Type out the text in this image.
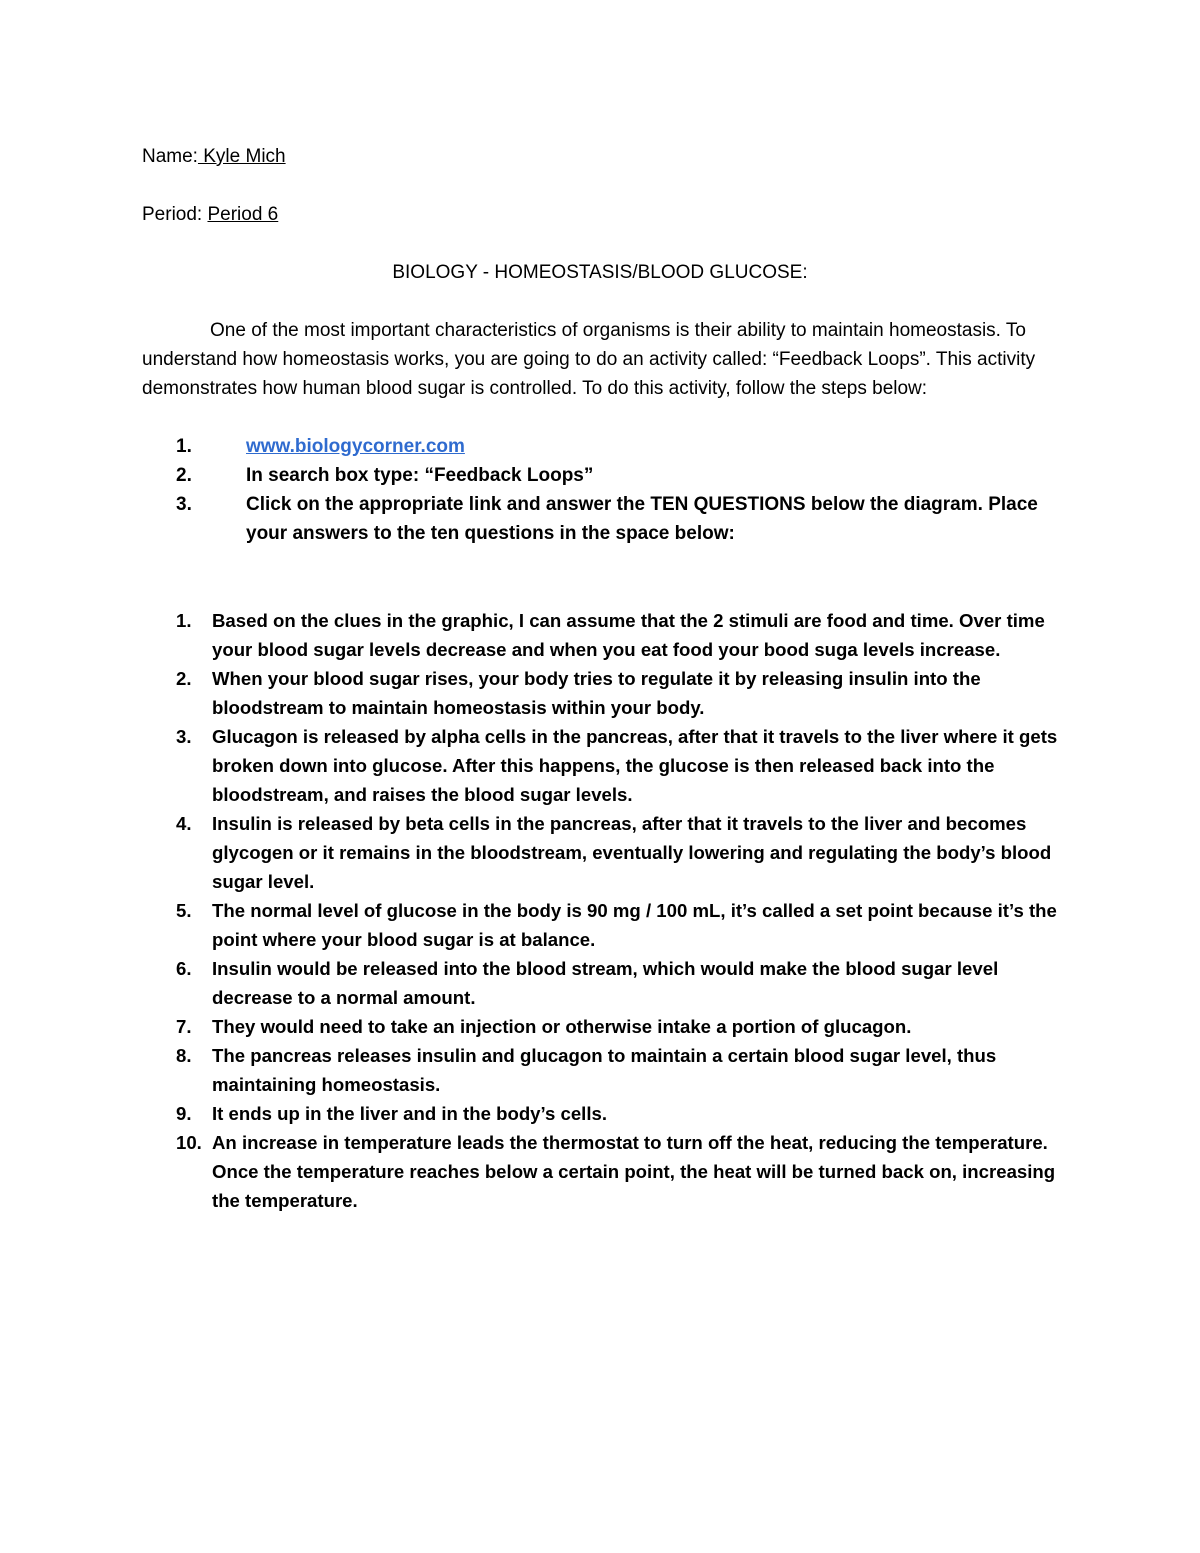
Name: Kyle Mich
Period: Period 6
BIOLOGY - HOMEOSTASIS/BLOOD GLUCOSE:

One of the most important characteristics of organisms is their ability to maintain homeostasis. To understand how homeostasis works, you are going to do an activity called: “Feedback Loops”. This activity demonstrates how human blood sugar is controlled. To do this activity, follow the steps below:

1.	www.biologycorner.com
2.	In search box type: “Feedback Loops”
3.	Click on the appropriate link and answer the TEN QUESTIONS below the diagram. Place your answers to the ten questions in the space below:
1.	Based on the clues in the graphic, I can assume that the 2 stimuli are food and time. Over time your blood sugar levels decrease and when you eat food your bood suga levels increase.
2.	When your blood sugar rises, your body tries to regulate it by releasing insulin into the bloodstream to maintain homeostasis within your body.
3.	Glucagon is released by alpha cells in the pancreas, after that it travels to the liver where it gets broken down into glucose. After this happens, the glucose is then released back into the bloodstream, and raises the blood sugar levels.
4.	Insulin is released by beta cells in the pancreas, after that it travels to the liver and becomes glycogen or it remains in the bloodstream, eventually lowering and regulating the body’s blood sugar level.
5.	The normal level of glucose in the body is 90 mg / 100 mL, it’s called a set point because it’s the point where your blood sugar is at balance.
6.	Insulin would be released into the blood stream, which would make the blood sugar level decrease to a normal amount.
7.	They would need to take an injection or otherwise intake a portion of glucagon.
8.	The pancreas releases insulin and glucagon to maintain a certain blood sugar level, thus maintaining homeostasis.
9.	It ends up in the liver and in the body’s cells.
10. An increase in temperature leads the thermostat to turn off the heat, reducing the temperature. Once the temperature reaches below a certain point, the heat will be turned back on, increasing the temperature.
